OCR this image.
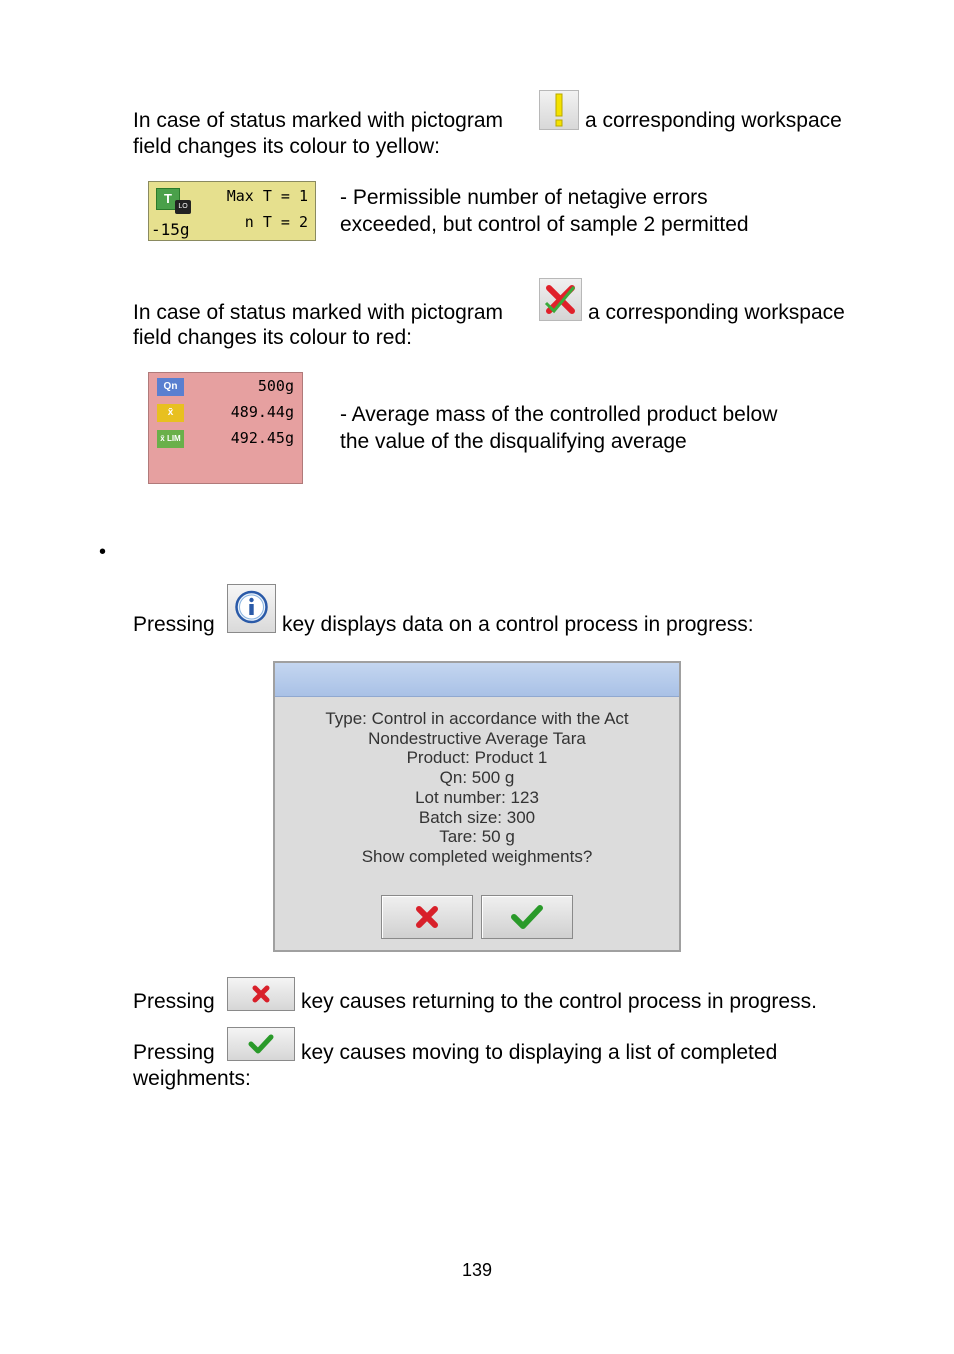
In case of status marked with pictogram	a corresponding workspace
field changes its colour to yellow:
T
LO
Max T = 1
n T = 2
-15g
- Permissible number of netagive errors
exceeded, but control of sample 2 permitted
In case of status marked with pictogram	a corresponding workspace
field changes its colour to red:
Qn	500g
x̄	489.44g
x̄ LIM	492.45g
- Average mass of the controlled product below
the value of the disqualifying average
•
Pressing	key displays data on a control process in progress:
Type: Control in accordance with the Act
Nondestructive Average Tara
Product: Product 1
Qn: 500 g
Lot number: 123
Batch size: 300
Tare: 50 g
Show completed weighments?
Pressing	key causes returning to the control process in progress.
Pressing	key causes moving to displaying a list of completed
weighments:
139
